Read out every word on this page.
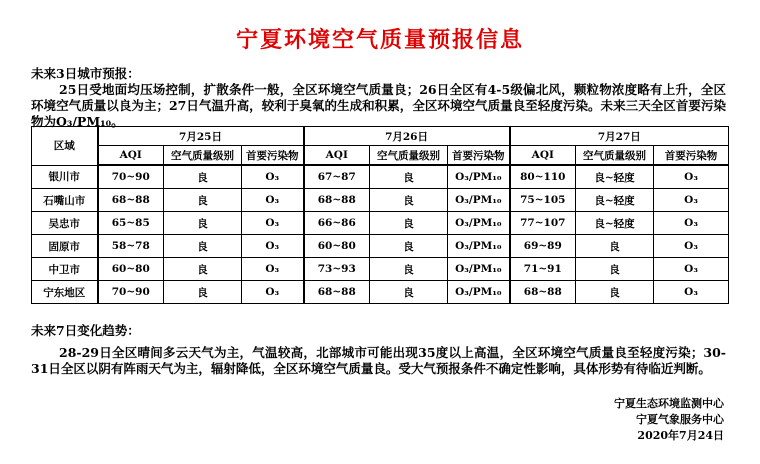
宁夏环境空气质量预报信息
未来3日城市预报：
25日受地面均压场控制，扩散条件一般，全区环境空气质量良；26日全区有4-5级偏北风，颗粒物浓度略有上升，全区环境空气质量以良为主；27日气温升高，较利于臭氧的生成和积累，全区环境空气质量良至轻度污染。未来三天全区首要污染物为O₃/PM₁₀。
区域	7月25日			7月26日			7月27日		
	AQI	空气质量级别	首要污染物	AQI	空气质量级别	首要污染物	AQI	空气质量级别	首要污染物
银川市	70~90	良	O₃	67~87	良	O₃/PM₁₀	80~110	良~轻度	O₃
石嘴山市	68~88	良	O₃	68~88	良	O₃/PM₁₀	75~105	良~轻度	O₃
吴忠市	65~85	良	O₃	66~86	良	O₃/PM₁₀	77~107	良~轻度	O₃
固原市	58~78	良	O₃	60~80	良	O₃/PM₁₀	69~89	良	O₃
中卫市	60~80	良	O₃	73~93	良	O₃/PM₁₀	71~91	良	O₃
宁东地区	70~90	良	O₃	68~88	良	O₃/PM₁₀	68~88	良	O₃
未来7日变化趋势：
28-29日全区晴间多云天气为主，气温较高，北部城市可能出现35度以上高温，全区环境空气质量良至轻度污染；30-31日全区以阴有阵雨天气为主，辐射降低，全区环境空气质量良。受大气预报条件不确定性影响，具体形势有待临近判断。
宁夏生态环境监测中心
宁夏气象服务中心
2020年7月24日
